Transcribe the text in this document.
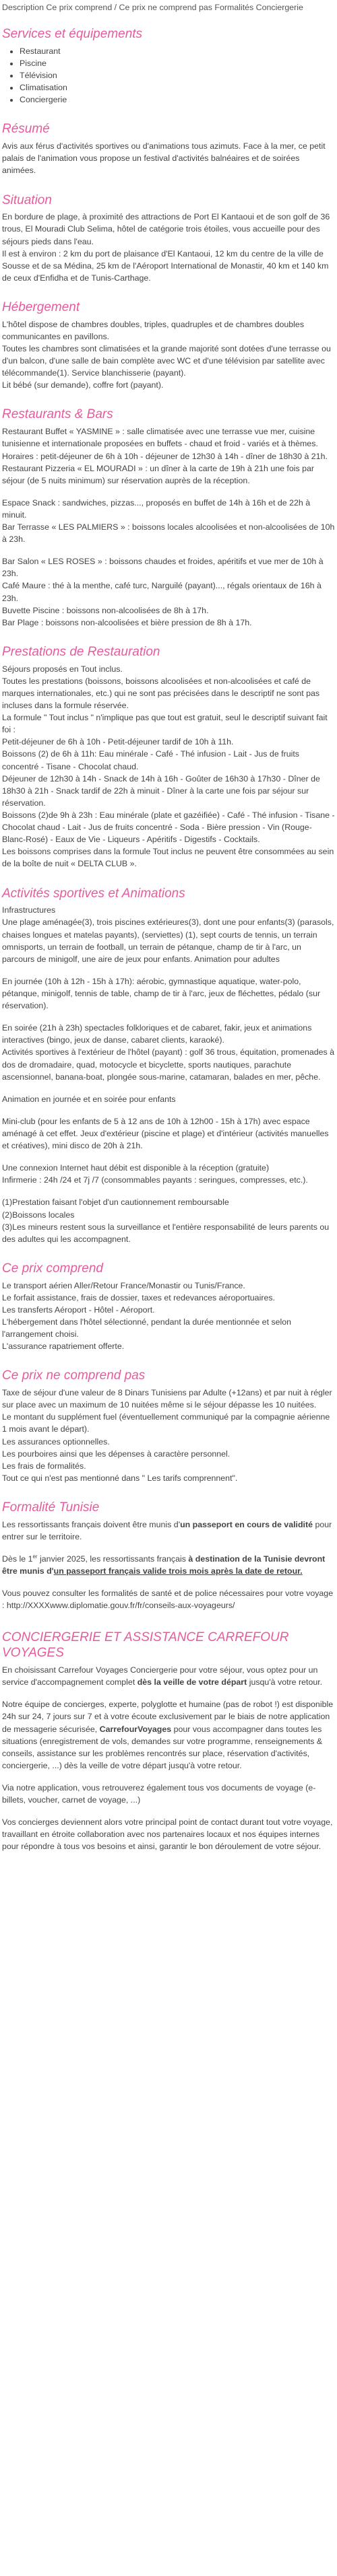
Description Ce prix comprend / Ce prix ne comprend pas Formalités Conciergerie
Services et équipements
• Restaurant
• Piscine
• Télévision
• Climatisation
• Conciergerie
Résumé

Avis aux férus d'activités sportives ou d'animations tous azimuts. Face à la mer, ce petit palais de l'animation vous propose un festival d'activités balnéaires et de soirées animées.

Situation

En bordure de plage, à proximité des attractions de Port El Kantaoui et de son golf de 36 trous, El Mouradi Club Selima, hôtel de catégorie trois étoiles, vous accueille pour des séjours pieds dans l'eau.
Il est à environ : 2 km du port de plaisance d'El Kantaoui, 12 km du centre de la ville de Sousse et de sa Médina, 25 km de l'Aéroport International de Monastir, 40 km et 140 km de ceux d'Enfidha et de Tunis-Carthage.

Hébergement

L'hôtel dispose de chambres doubles, triples, quadruples et de chambres doubles communicantes en pavillons.
Toutes les chambres sont climatisées et la grande majorité sont dotées d'une terrasse ou d'un balcon, d'une salle de bain complète avec WC et d'une télévision par satellite avec télécommande(1). Service blanchisserie (payant).

Lit bébé (sur demande), coffre fort (payant).

Restaurants & Bars

Restaurant Buffet « YASMINE » : salle climatisée avec une terrasse vue mer, cuisine tunisienne et internationale proposées en buffets - chaud et froid - variés et à thèmes. Horaires : petit-déjeuner de 6h à 10h - déjeuner de 12h30 à 14h - dîner de 18h30 à 21h.
Restaurant Pizzeria « EL MOURADI » : un dîner à la carte de 19h à 21h une fois par séjour (de 5 nuits minimum) sur réservation auprès de la réception.

Espace Snack : sandwiches, pizzas..., proposés en buffet de 14h à 16h et de 22h à minuit.
Bar Terrasse « LES PALMIERS » : boissons locales alcoolisées et non-alcoolisées de 10h à 23h.

Bar Salon « LES ROSES » : boissons chaudes et froides, apéritifs et vue mer de 10h à 23h.
Café Maure : thé à la menthe, café turc, Narguilé (payant)..., régals orientaux de 16h à 23h.
Buvette Piscine : boissons non-alcoolisées de 8h à 17h.
Bar Plage : boissons non-alcoolisées et bière pression de 8h à 17h.

Prestations de Restauration

Séjours proposés en Tout inclus.
Toutes les prestations (boissons, boissons alcoolisées et non-alcoolisées et café de marques internationales, etc.) qui ne sont pas précisées dans le descriptif ne sont pas incluses dans la formule réservée.
La formule " Tout inclus " n'implique pas que tout est gratuit, seul le descriptif suivant fait foi :
Petit-déjeuner de 6h à 10h - Petit-déjeuner tardif de 10h à 11h.
Boissons (2) de 6h à 11h: Eau minérale - Café - Thé infusion - Lait - Jus de fruits concentré - Tisane - Chocolat chaud.
Déjeuner de 12h30 à 14h - Snack de 14h à 16h - Goûter de 16h30 à 17h30 - Dîner de 18h30 à 21h - Snack tardif de 22h à minuit - Dîner à la carte une fois par séjour sur réservation.
Boissons (2)de 9h à 23h : Eau minérale (plate et gazéifiée) - Café - Thé infusion - Tisane - Chocolat chaud - Lait - Jus de fruits concentré - Soda - Bière pression - Vin (Rouge-Blanc-Rosé) - Eaux de Vie - Liqueurs - Apéritifs - Digestifs - Cocktails.
Les boissons comprises dans la formule Tout inclus ne peuvent être consommées au sein de la boîte de nuit « DELTA CLUB ».

Activités sportives et Animations

Infrastructures
Une plage aménagée(3), trois piscines extérieures(3), dont une pour enfants(3) (parasols, chaises longues et matelas payants), (serviettes) (1), sept courts de tennis, un terrain omnisports, un terrain de football, un terrain de pétanque, champ de tir à l'arc, un parcours de minigolf, une aire de jeux pour enfants. Animation pour adultes

En journée (10h à 12h - 15h à 17h): aérobic, gymnastique aquatique, water-polo, pétanque, minigolf, tennis de table, champ de tir à l'arc, jeux de fléchettes, pédalo (sur réservation).

En soirée (21h à 23h) spectacles folkloriques et de cabaret, fakir, jeux et animations interactives (bingo, jeux de danse, cabaret clients, karaoké).
Activités sportives à l'extérieur de l'hôtel (payant) : golf 36 trous, équitation, promenades à dos de dromadaire, quad, motocycle et bicyclette, sports nautiques, parachute ascensionnel, banana-boat, plongée sous-marine, catamaran, balades en mer, pêche.

Animation en journée et en soirée pour enfants

Mini-club (pour les enfants de 5 à 12 ans de 10h à 12h00 - 15h à 17h) avec espace aménagé à cet effet. Jeux d'extérieur (piscine et plage) et d'intérieur (activités manuelles et créatives), mini disco de 20h à 21h.

Une connexion Internet haut débit est disponible à la réception (gratuite)
Infirmerie : 24h /24 et 7j /7 (consommables payants : seringues, compresses, etc.).

(1)Prestation faisant l'objet d'un cautionnement remboursable
(2)Boissons locales
(3)Les mineurs restent sous la surveillance et l'entière responsabilité de leurs parents ou des adultes qui les accompagnent.

Ce prix comprend

Le transport aérien Aller/Retour France/Monastir ou Tunis/France.
Le forfait assistance, frais de dossier, taxes et redevances aéroportuaires.
Les transferts Aéroport - Hôtel - Aéroport.
L'hébergement dans l'hôtel sélectionné, pendant la durée mentionnée et selon l'arrangement choisi.
L'assurance rapatriement offerte.

Ce prix ne comprend pas

Taxe de séjour d'une valeur de 8 Dinars Tunisiens par Adulte (+12ans) et par nuit à régler sur place avec un maximum de 10 nuitées même si le séjour dépasse les 10 nuitées.
Le montant du supplément fuel (éventuellement communiqué par la compagnie aérienne 1 mois avant le départ).
Les assurances optionnelles.
Les pourboires ainsi que les dépenses à caractère personnel.
Les frais de formalités.
Tout ce qui n'est pas mentionné dans " Les tarifs comprennent".

Formalité Tunisie

Les ressortissants français doivent être munis d'un passeport en cours de validité pour entrer sur le territoire.

Dès le 1er janvier 2025, les ressortissants français à destination de la Tunisie devront être munis d'un passeport français valide trois mois après la date de retour.

Vous pouvez consulter les formalités de santé et de police nécessaires pour votre voyage : http://XXXXwww.diplomatie.gouv.fr/fr/conseils-aux-voyageurs/

CONCIERGERIE ET ASSISTANCE CARREFOUR VOYAGES

En choisissant Carrefour Voyages Conciergerie pour votre séjour, vous optez pour un service d'accompagnement complet dès la veille de votre départ jusqu'à votre retour.

Notre équipe de concierges, experte, polyglotte et humaine (pas de robot !) est disponible 24h sur 24, 7 jours sur 7 et à votre écoute exclusivement par le biais de notre application de messagerie sécurisée, CarrefourVoyages pour vous accompagner dans toutes les situations (enregistrement de vols, demandes sur votre programme, renseignements & conseils, assistance sur les problèmes rencontrés sur place, réservation d'activités, conciergerie, ...) dès la veille de votre départ jusqu'à votre retour.

Via notre application, vous retrouverez également tous vos documents de voyage (e-billets, voucher, carnet de voyage, ...)

Vos concierges deviennent alors votre principal point de contact durant tout votre voyage, travaillant en étroite collaboration avec nos partenaires locaux et nos équipes internes pour répondre à tous vos besoins et ainsi, garantir le bon déroulement de votre séjour.
